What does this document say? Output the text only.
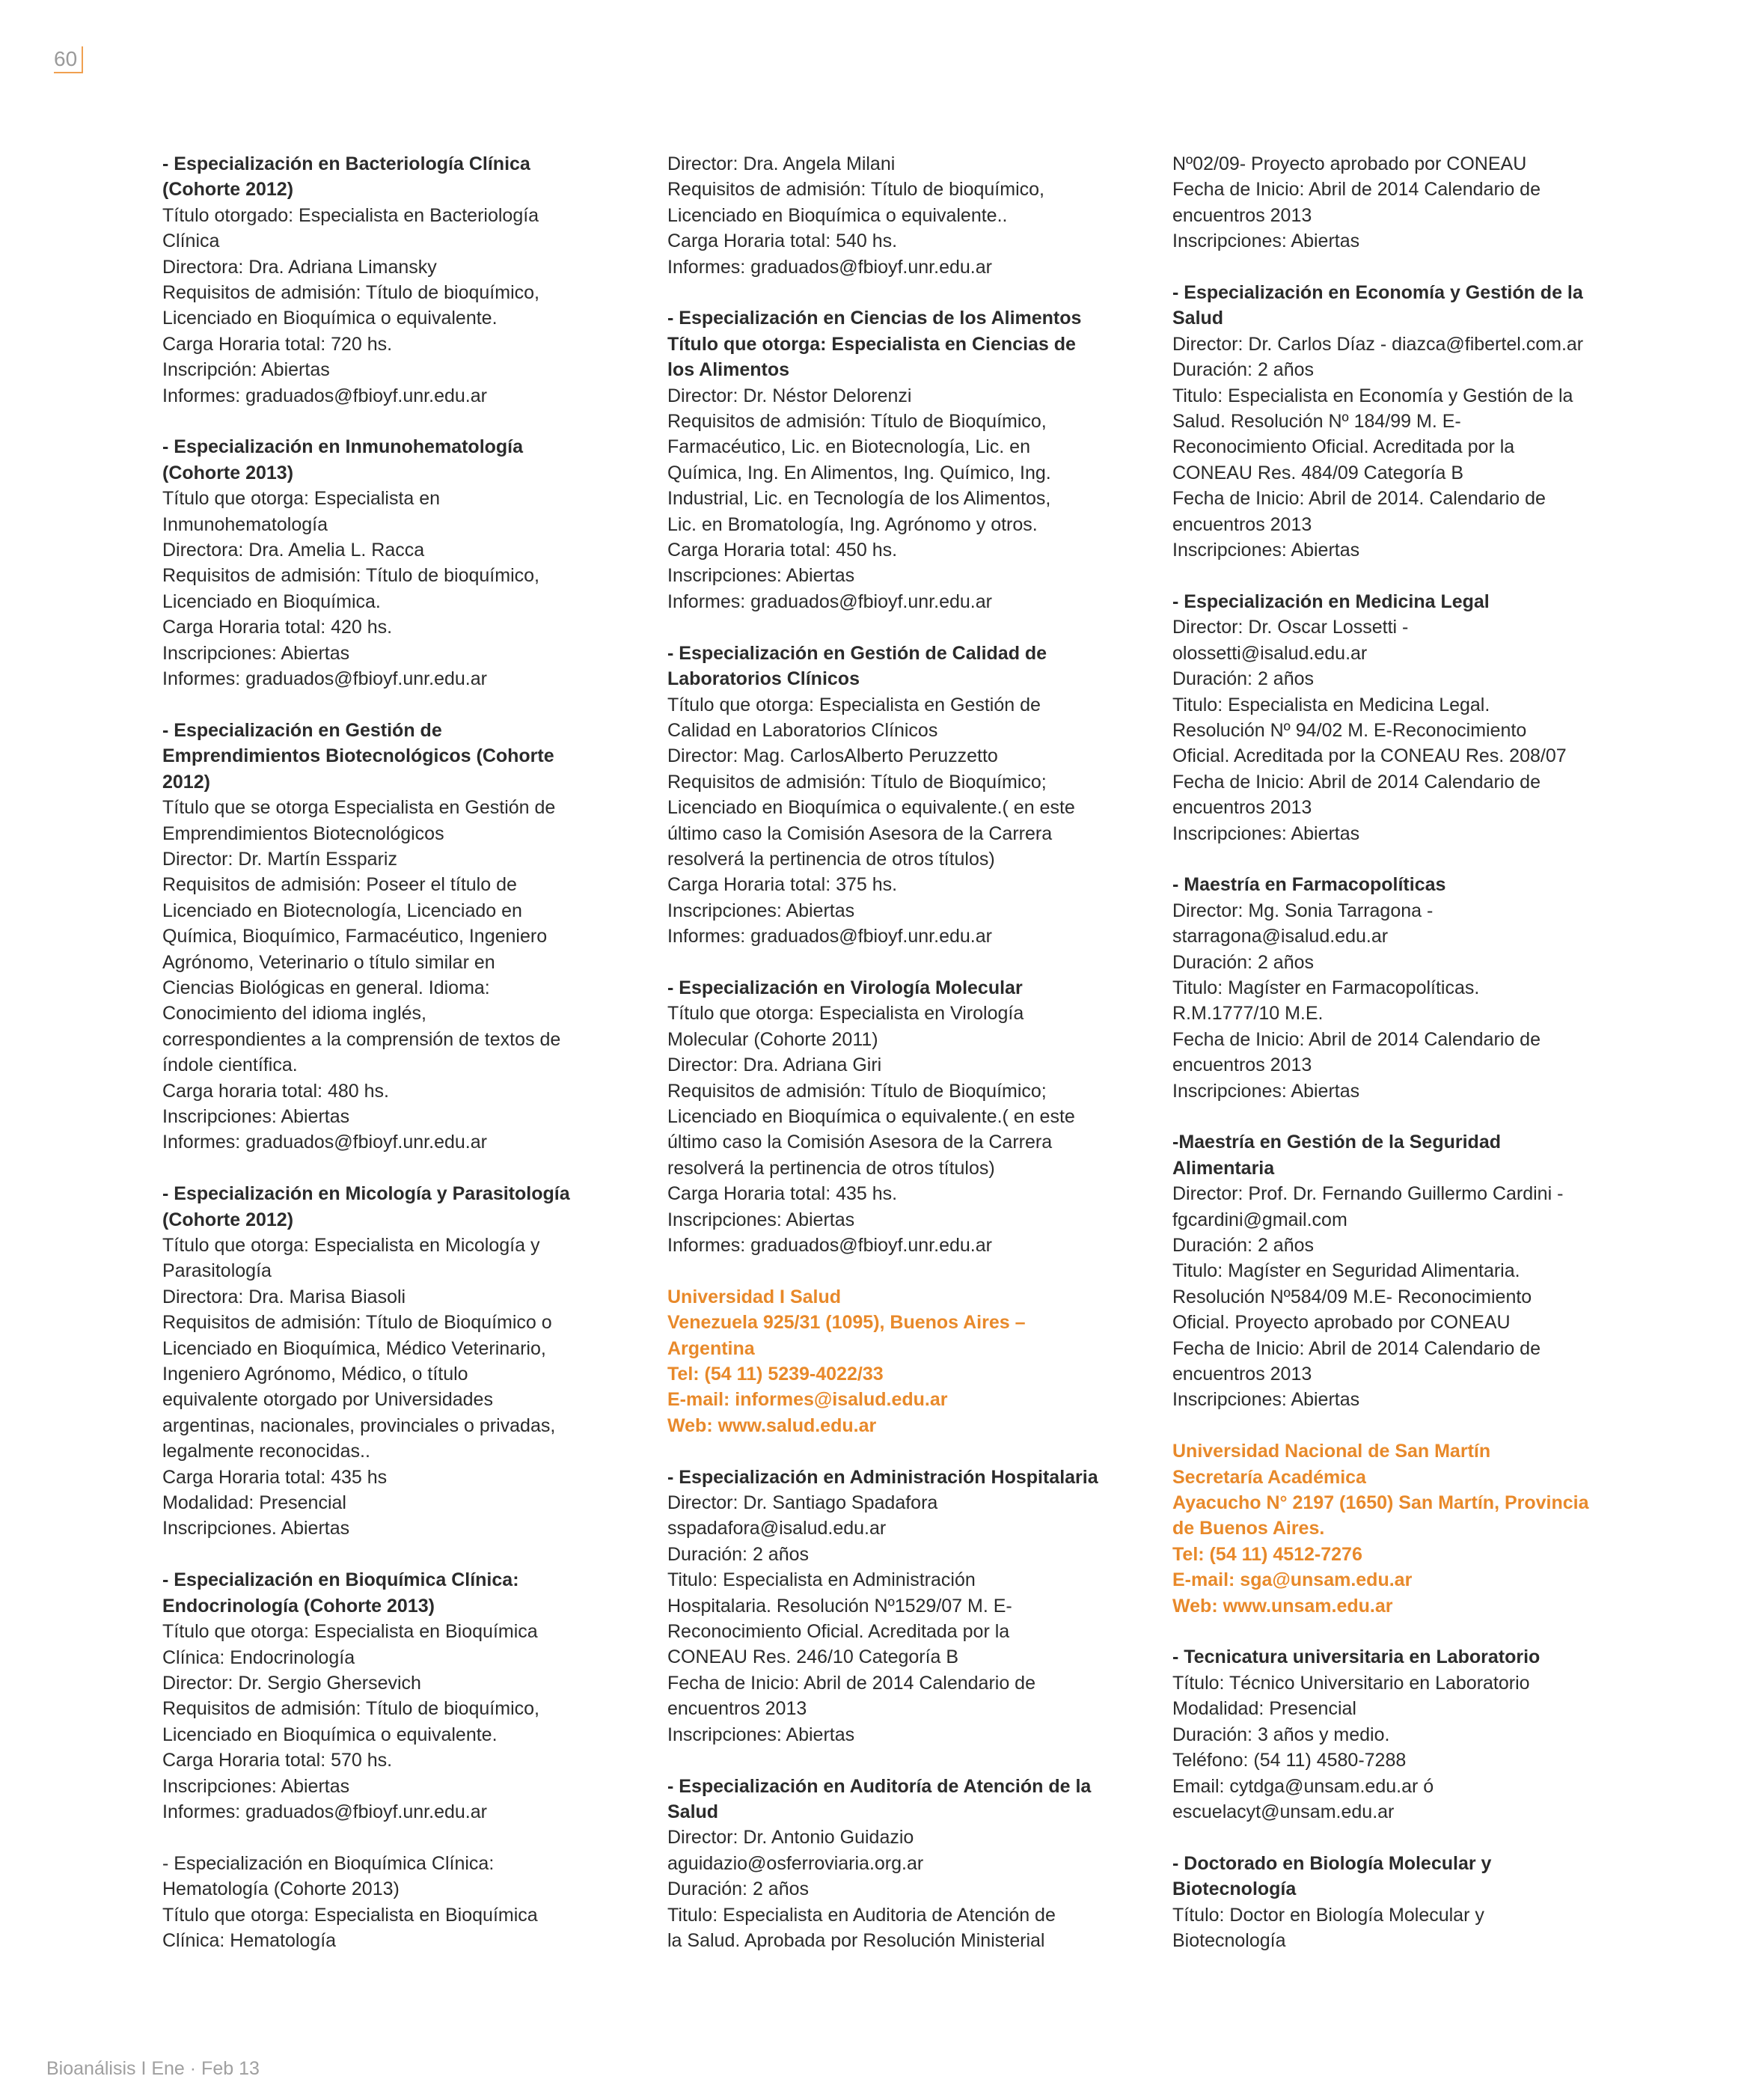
60
- Especialización en Bacteriología Clínica
(Cohorte 2012)
Título otorgado: Especialista en Bacteriología
Clínica
Directora: Dra. Adriana Limansky
Requisitos de admisión: Título de bioquímico,
Licenciado en Bioquímica o equivalente.
Carga Horaria total: 720 hs.
Inscripción: Abiertas
Informes: graduados@fbioyf.unr.edu.ar
- Especialización en Inmunohematología
(Cohorte 2013)
Título que otorga: Especialista en
Inmunohematología
Directora: Dra. Amelia L. Racca
Requisitos de admisión: Título de bioquímico,
Licenciado en Bioquímica.
Carga Horaria total: 420 hs.
Inscripciones: Abiertas
Informes: graduados@fbioyf.unr.edu.ar
- Especialización en Gestión de
Emprendimientos Biotecnológicos (Cohorte
2012)
Título que se otorga Especialista en Gestión de
Emprendimientos Biotecnológicos
Director: Dr. Martín Esspariz
Requisitos de admisión: Poseer el título de
Licenciado en Biotecnología, Licenciado en
Química, Bioquímico, Farmacéutico, Ingeniero
Agrónomo, Veterinario o título similar en
Ciencias Biológicas en general. Idioma:
Conocimiento del idioma inglés,
correspondientes a la comprensión de textos de
índole científica.
Carga horaria total: 480 hs.
Inscripciones: Abiertas
Informes: graduados@fbioyf.unr.edu.ar
- Especialización en Micología y Parasitología
(Cohorte 2012)
Título que otorga: Especialista en Micología y
Parasitología
Directora: Dra. Marisa Biasoli
Requisitos de admisión: Título de Bioquímico o
Licenciado en Bioquímica, Médico Veterinario,
Ingeniero Agrónomo, Médico, o título
equivalente otorgado por Universidades
argentinas, nacionales, provinciales o privadas,
legalmente reconocidas..
Carga Horaria total: 435 hs
Modalidad: Presencial
Inscripciones. Abiertas
- Especialización en Bioquímica Clínica:
Endocrinología (Cohorte 2013)
Título que otorga: Especialista en Bioquímica
Clínica: Endocrinología
Director: Dr. Sergio Ghersevich
Requisitos de admisión: Título de bioquímico,
Licenciado en Bioquímica o equivalente.
Carga Horaria total: 570 hs.
Inscripciones: Abiertas
Informes: graduados@fbioyf.unr.edu.ar
- Especialización en Bioquímica Clínica:
Hematología (Cohorte 2013)
Título que otorga: Especialista en Bioquímica
Clínica: Hematología
Director: Dra. Angela Milani
Requisitos de admisión: Título de bioquímico,
Licenciado en Bioquímica o equivalente..
Carga Horaria total: 540 hs.
Informes: graduados@fbioyf.unr.edu.ar
- Especialización en Ciencias de los Alimentos
Título que otorga: Especialista en Ciencias de
los Alimentos
Director: Dr. Néstor Delorenzi
Requisitos de admisión: Título de Bioquímico,
Farmacéutico, Lic. en Biotecnología, Lic. en
Química, Ing. En Alimentos, Ing. Químico, Ing.
Industrial, Lic. en Tecnología de los Alimentos,
Lic. en Bromatología, Ing. Agrónomo y otros.
Carga Horaria total: 450 hs.
Inscripciones: Abiertas
Informes: graduados@fbioyf.unr.edu.ar
- Especialización en Gestión de Calidad de
Laboratorios Clínicos
Título que otorga: Especialista en Gestión de
Calidad en Laboratorios Clínicos
Director: Mag. CarlosAlberto Peruzzetto
Requisitos de admisión: Título de Bioquímico;
Licenciado en Bioquímica o equivalente.( en este
último caso la Comisión Asesora de la Carrera
resolverá la pertinencia de otros títulos)
Carga Horaria total: 375 hs.
Inscripciones: Abiertas
Informes: graduados@fbioyf.unr.edu.ar
- Especialización en Virología Molecular
Título que otorga: Especialista en Virología
Molecular (Cohorte 2011)
Director: Dra. Adriana Giri
Requisitos de admisión: Título de Bioquímico;
Licenciado en Bioquímica o equivalente.( en este
último caso la Comisión Asesora de la Carrera
resolverá la pertinencia de otros títulos)
Carga Horaria total: 435 hs.
Inscripciones: Abiertas
Informes: graduados@fbioyf.unr.edu.ar
Universidad I Salud
Venezuela 925/31 (1095), Buenos Aires –
Argentina
Tel: (54 11) 5239-4022/33
E-mail: informes@isalud.edu.ar
Web: www.salud.edu.ar
- Especialización en Administración Hospitalaria
Director: Dr. Santiago Spadafora
sspadafora@isalud.edu.ar
Duración: 2 años
Titulo: Especialista en Administración
Hospitalaria. Resolución Nº1529/07 M. E-
Reconocimiento Oficial. Acreditada por la
CONEAU Res. 246/10 Categoría B
Fecha de Inicio: Abril de 2014 Calendario de
encuentros 2013
Inscripciones: Abiertas
- Especialización en Auditoría de Atención de la
Salud
Director: Dr. Antonio Guidazio
aguidazio@osferroviaria.org.ar
Duración: 2 años
Titulo: Especialista en Auditoria de Atención de
la Salud. Aprobada por Resolución Ministerial
Nº02/09- Proyecto aprobado por CONEAU
Fecha de Inicio: Abril de 2014 Calendario de
encuentros 2013
Inscripciones: Abiertas
- Especialización en Economía y Gestión de la
Salud
Director: Dr. Carlos Díaz - diazca@fibertel.com.ar
Duración: 2 años
Titulo: Especialista en Economía y Gestión de la
Salud. Resolución Nº 184/99 M. E-
Reconocimiento Oficial. Acreditada por la
CONEAU Res. 484/09 Categoría B
Fecha de Inicio: Abril de 2014. Calendario de
encuentros 2013
Inscripciones: Abiertas
- Especialización en Medicina Legal
Director: Dr. Oscar Lossetti -
olossetti@isalud.edu.ar
Duración: 2 años
Titulo: Especialista en Medicina Legal.
Resolución Nº 94/02 M. E-Reconocimiento
Oficial. Acreditada por la CONEAU Res. 208/07
Fecha de Inicio: Abril de 2014 Calendario de
encuentros 2013
Inscripciones: Abiertas
- Maestría en Farmacopolíticas
Director: Mg. Sonia Tarragona -
starragona@isalud.edu.ar
Duración: 2 años
Titulo: Magíster en Farmacopolíticas.
R.M.1777/10 M.E.
Fecha de Inicio: Abril de 2014 Calendario de
encuentros 2013
Inscripciones: Abiertas
-Maestría en Gestión de la Seguridad
Alimentaria
Director: Prof. Dr. Fernando Guillermo Cardini -
fgcardini@gmail.com
Duración: 2 años
Titulo: Magíster en Seguridad Alimentaria.
Resolución Nº584/09 M.E- Reconocimiento
Oficial. Proyecto aprobado por CONEAU
Fecha de Inicio: Abril de 2014 Calendario de
encuentros 2013
Inscripciones: Abiertas
Universidad Nacional de San Martín
Secretaría Académica
Ayacucho N° 2197 (1650) San Martín, Provincia
de Buenos Aires.
Tel: (54 11) 4512-7276
E-mail: sga@unsam.edu.ar
Web: www.unsam.edu.ar
- Tecnicatura universitaria en Laboratorio
Título: Técnico Universitario en Laboratorio
Modalidad: Presencial
Duración: 3 años y medio.
Teléfono: (54 11) 4580-7288
Email: cytdga@unsam.edu.ar ó
escuelacyt@unsam.edu.ar
- Doctorado en Biología Molecular y
Biotecnología
Título: Doctor en Biología Molecular y
Biotecnología
Bioanálisis I Ene · Feb 13
